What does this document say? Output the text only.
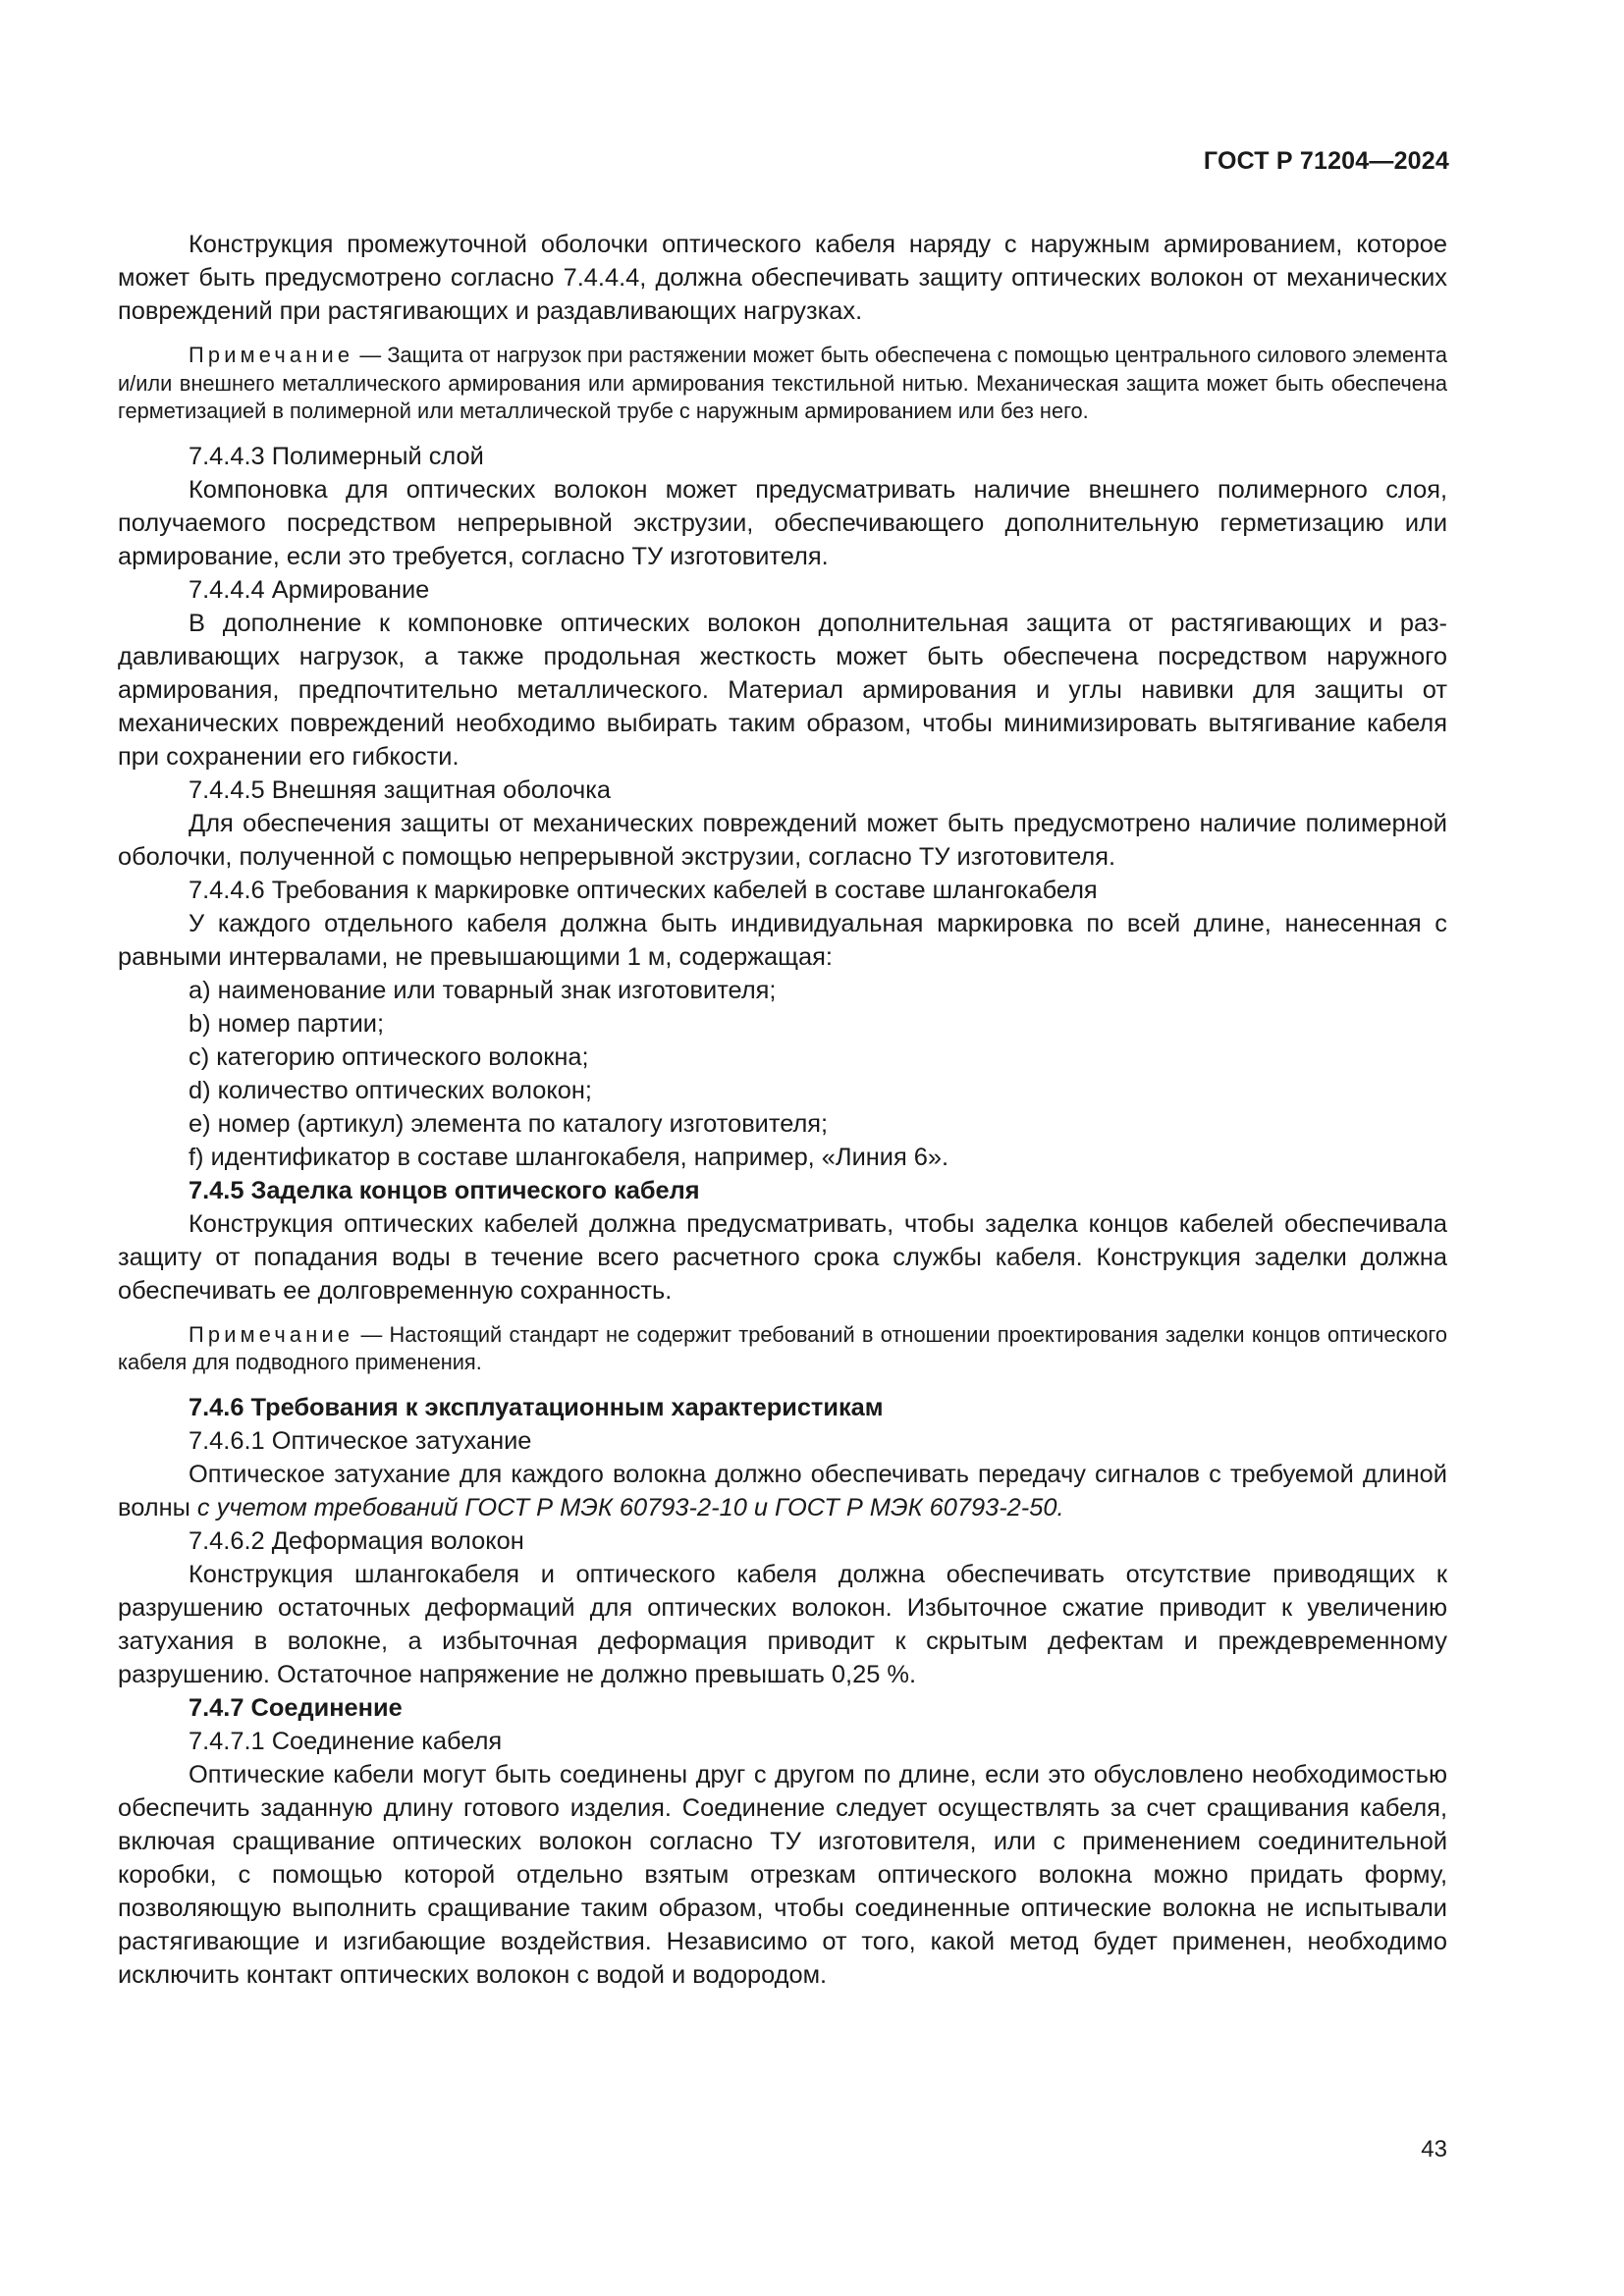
ГОСТ Р 71204—2024

Конструкция промежуточной оболочки оптического кабеля наряду с наружным армированием, которое может быть предусмотрено согласно 7.4.4.4, должна обеспечивать защиту оптических волокон от механических повреждений при растягивающих и раздавливающих нагрузках.

Примечание — Защита от нагрузок при растяжении может быть обеспечена с помощью центрального силового элемента и/или внешнего металлического армирования или армирования текстильной нитью. Механическая защита может быть обеспечена герметизацией в полимерной или металлической трубе с наружным армированием или без него.

7.4.4.3 Полимерный слой

Компоновка для оптических волокон может предусматривать наличие внешнего полимерного слоя, получаемого посредством непрерывной экструзии, обеспечивающего дополнительную герметизацию или армирование, если это требуется, согласно ТУ изготовителя.

7.4.4.4 Армирование

В дополнение к компоновке оптических волокон дополнительная защита от растягивающих и раздавливающих нагрузок, а также продольная жесткость может быть обеспечена посредством наружного армирования, предпочтительно металлического. Материал армирования и углы навивки для защиты от механических повреждений необходимо выбирать таким образом, чтобы минимизировать вытягивание кабеля при сохранении его гибкости.

7.4.4.5 Внешняя защитная оболочка

Для обеспечения защиты от механических повреждений может быть предусмотрено наличие полимерной оболочки, полученной с помощью непрерывной экструзии, согласно ТУ изготовителя.

7.4.4.6 Требования к маркировке оптических кабелей в составе шлангокабеля

У каждого отдельного кабеля должна быть индивидуальная маркировка по всей длине, нанесенная с равными интервалами, не превышающими 1 м, содержащая:

a) наименование или товарный знак изготовителя;

b) номер партии;

c) категорию оптического волокна;

d) количество оптических волокон;

e) номер (артикул) элемента по каталогу изготовителя;

f) идентификатор в составе шлангокабеля, например, «Линия 6».

7.4.5 Заделка концов оптического кабеля

Конструкция оптических кабелей должна предусматривать, чтобы заделка концов кабелей обеспечивала защиту от попадания воды в течение всего расчетного срока службы кабеля. Конструкция заделки должна обеспечивать ее долговременную сохранность.

Примечание — Настоящий стандарт не содержит требований в отношении проектирования заделки концов оптического кабеля для подводного применения.

7.4.6 Требования к эксплуатационным характеристикам

7.4.6.1 Оптическое затухание

Оптическое затухание для каждого волокна должно обеспечивать передачу сигналов с требуемой длиной волны с учетом требований ГОСТ Р МЭК 60793-2-10 и ГОСТ Р МЭК 60793-2-50.

7.4.6.2 Деформация волокон

Конструкция шлангокабеля и оптического кабеля должна обеспечивать отсутствие приводящих к разрушению остаточных деформаций для оптических волокон. Избыточное сжатие приводит к увеличению затухания в волокне, а избыточная деформация приводит к скрытым дефектам и преждевременному разрушению. Остаточное напряжение не должно превышать 0,25 %.

7.4.7 Соединение

7.4.7.1 Соединение кабеля

Оптические кабели могут быть соединены друг с другом по длине, если это обусловлено необходимостью обеспечить заданную длину готового изделия. Соединение следует осуществлять за счет сращивания кабеля, включая сращивание оптических волокон согласно ТУ изготовителя, или с применением соединительной коробки, с помощью которой отдельно взятым отрезкам оптического волокна можно придать форму, позволяющую выполнить сращивание таким образом, чтобы соединенные оптические волокна не испытывали растягивающие и изгибающие воздействия. Независимо от того, какой метод будет применен, необходимо исключить контакт оптических волокон с водой и водородом.

43
